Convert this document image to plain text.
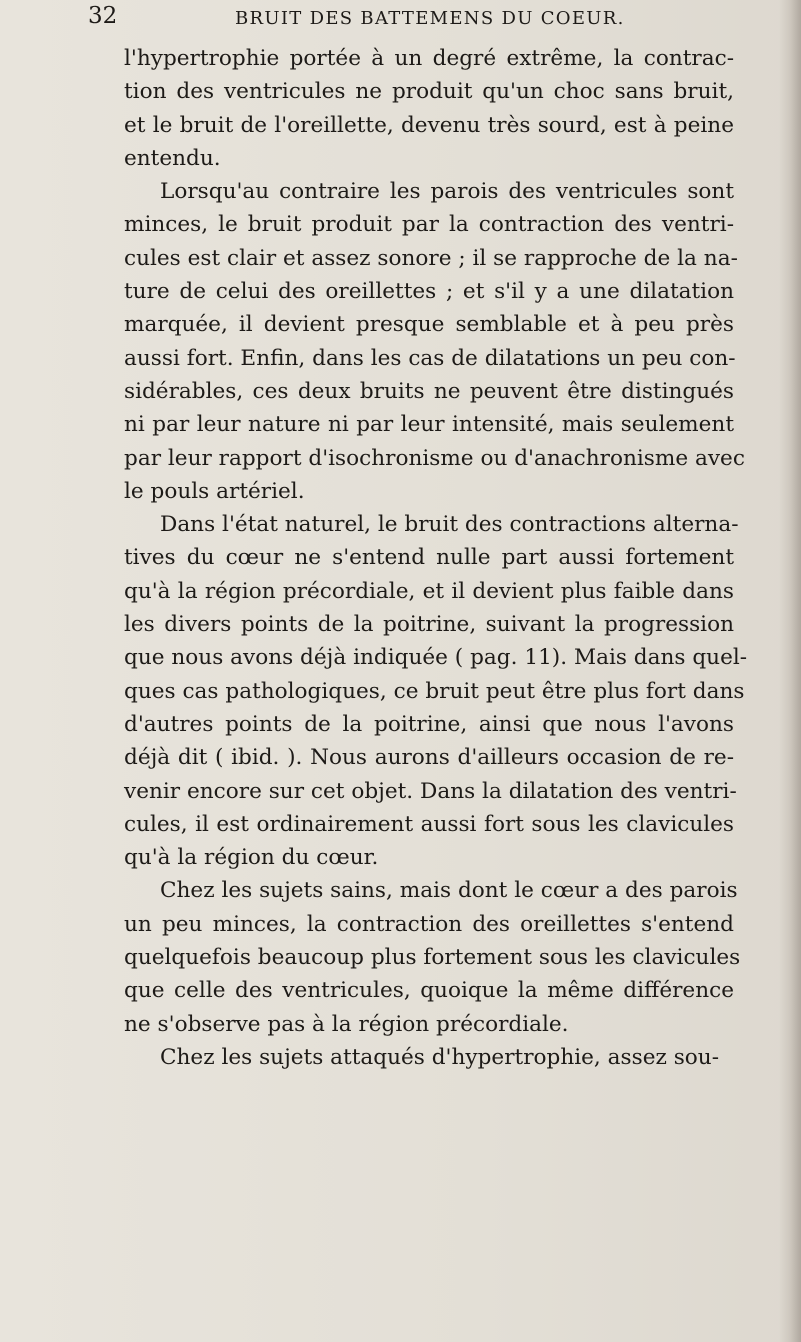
32	BRUIT DES BATTEMENS DU COEUR.
l'hypertrophie portée à un degré extrême, la contrac-
tion des ventricules ne produit qu'un choc sans bruit,
et le bruit de l'oreillette, devenu très sourd, est à peine
entendu.
Lorsqu'au contraire les parois des ventricules sont
minces, le bruit produit par la contraction des ventri-
cules est clair et assez sonore ; il se rapproche de la na-
ture de celui des oreillettes ; et s'il y a une dilatation
marquée, il devient presque semblable et à peu près
aussi fort. Enfin, dans les cas de dilatations un peu con-
sidérables, ces deux bruits ne peuvent être distingués
ni par leur nature ni par leur intensité, mais seulement
par leur rapport d'isochronisme ou d'anachronisme avec
le pouls artériel.
Dans l'état naturel, le bruit des contractions alterna-
tives du cœur ne s'entend nulle part aussi fortement
qu'à la région précordiale, et il devient plus faible dans
les divers points de la poitrine, suivant la progression
que nous avons déjà indiquée ( pag. 11). Mais dans quel-
ques cas pathologiques, ce bruit peut être plus fort dans
d'autres points de la poitrine, ainsi que nous l'avons
déjà dit ( ibid. ). Nous aurons d'ailleurs occasion de re-
venir encore sur cet objet. Dans la dilatation des ventri-
cules, il est ordinairement aussi fort sous les clavicules
qu'à la région du cœur.
Chez les sujets sains, mais dont le cœur a des parois
un peu minces, la contraction des oreillettes s'entend
quelquefois beaucoup plus fortement sous les clavicules
que celle des ventricules, quoique la même différence
ne s'observe pas à la région précordiale.
Chez les sujets attaqués d'hypertrophie, assez sou-
